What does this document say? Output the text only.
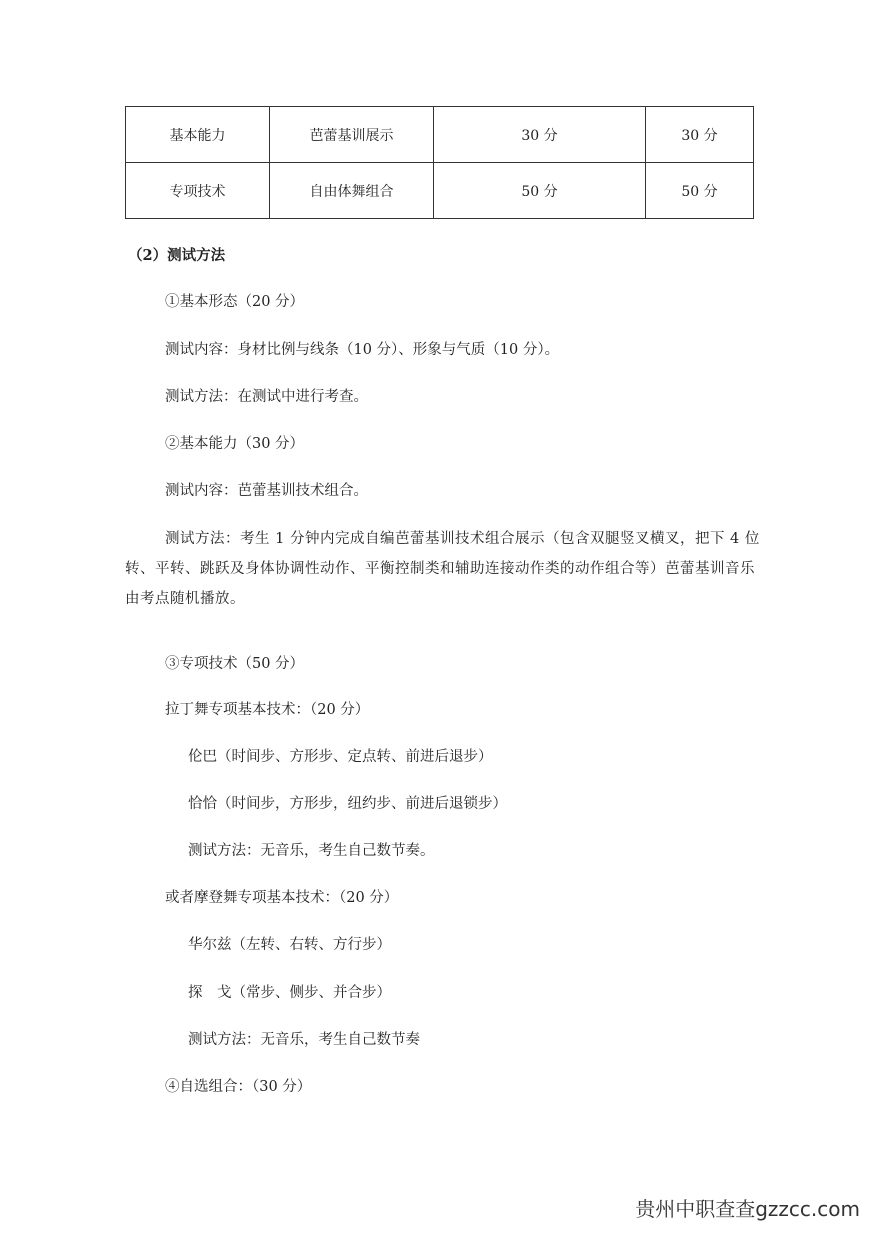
基本能力	芭蕾基训展示	30 分	30 分
专项技术	自由体舞组合	50 分	50 分
（2）测试方法
①基本形态（20 分）
测试内容：身材比例与线条（10 分）、形象与气质（10 分）。
测试方法：在测试中进行考查。
②基本能力（30 分）
测试内容：芭蕾基训技术组合。
测试方法：考生 1 分钟内完成自编芭蕾基训技术组合展示（包含双腿竖叉横叉，把下 4 位转、平转、跳跃及身体协调性动作、平衡控制类和辅助连接动作类的动作组合等）芭蕾基训音乐由考点随机播放。
③专项技术（50 分）
拉丁舞专项基本技术：（20 分）
伦巴（时间步、方形步、定点转、前进后退步）
恰恰（时间步，方形步，纽约步、前进后退锁步）
测试方法：无音乐，考生自己数节奏。
或者摩登舞专项基本技术：（20 分）
华尔兹（左转、右转、方行步）
探　戈（常步、侧步、并合步）
测试方法：无音乐，考生自己数节奏
④自选组合：（30 分）
贵州中职查查gzzcc.com
